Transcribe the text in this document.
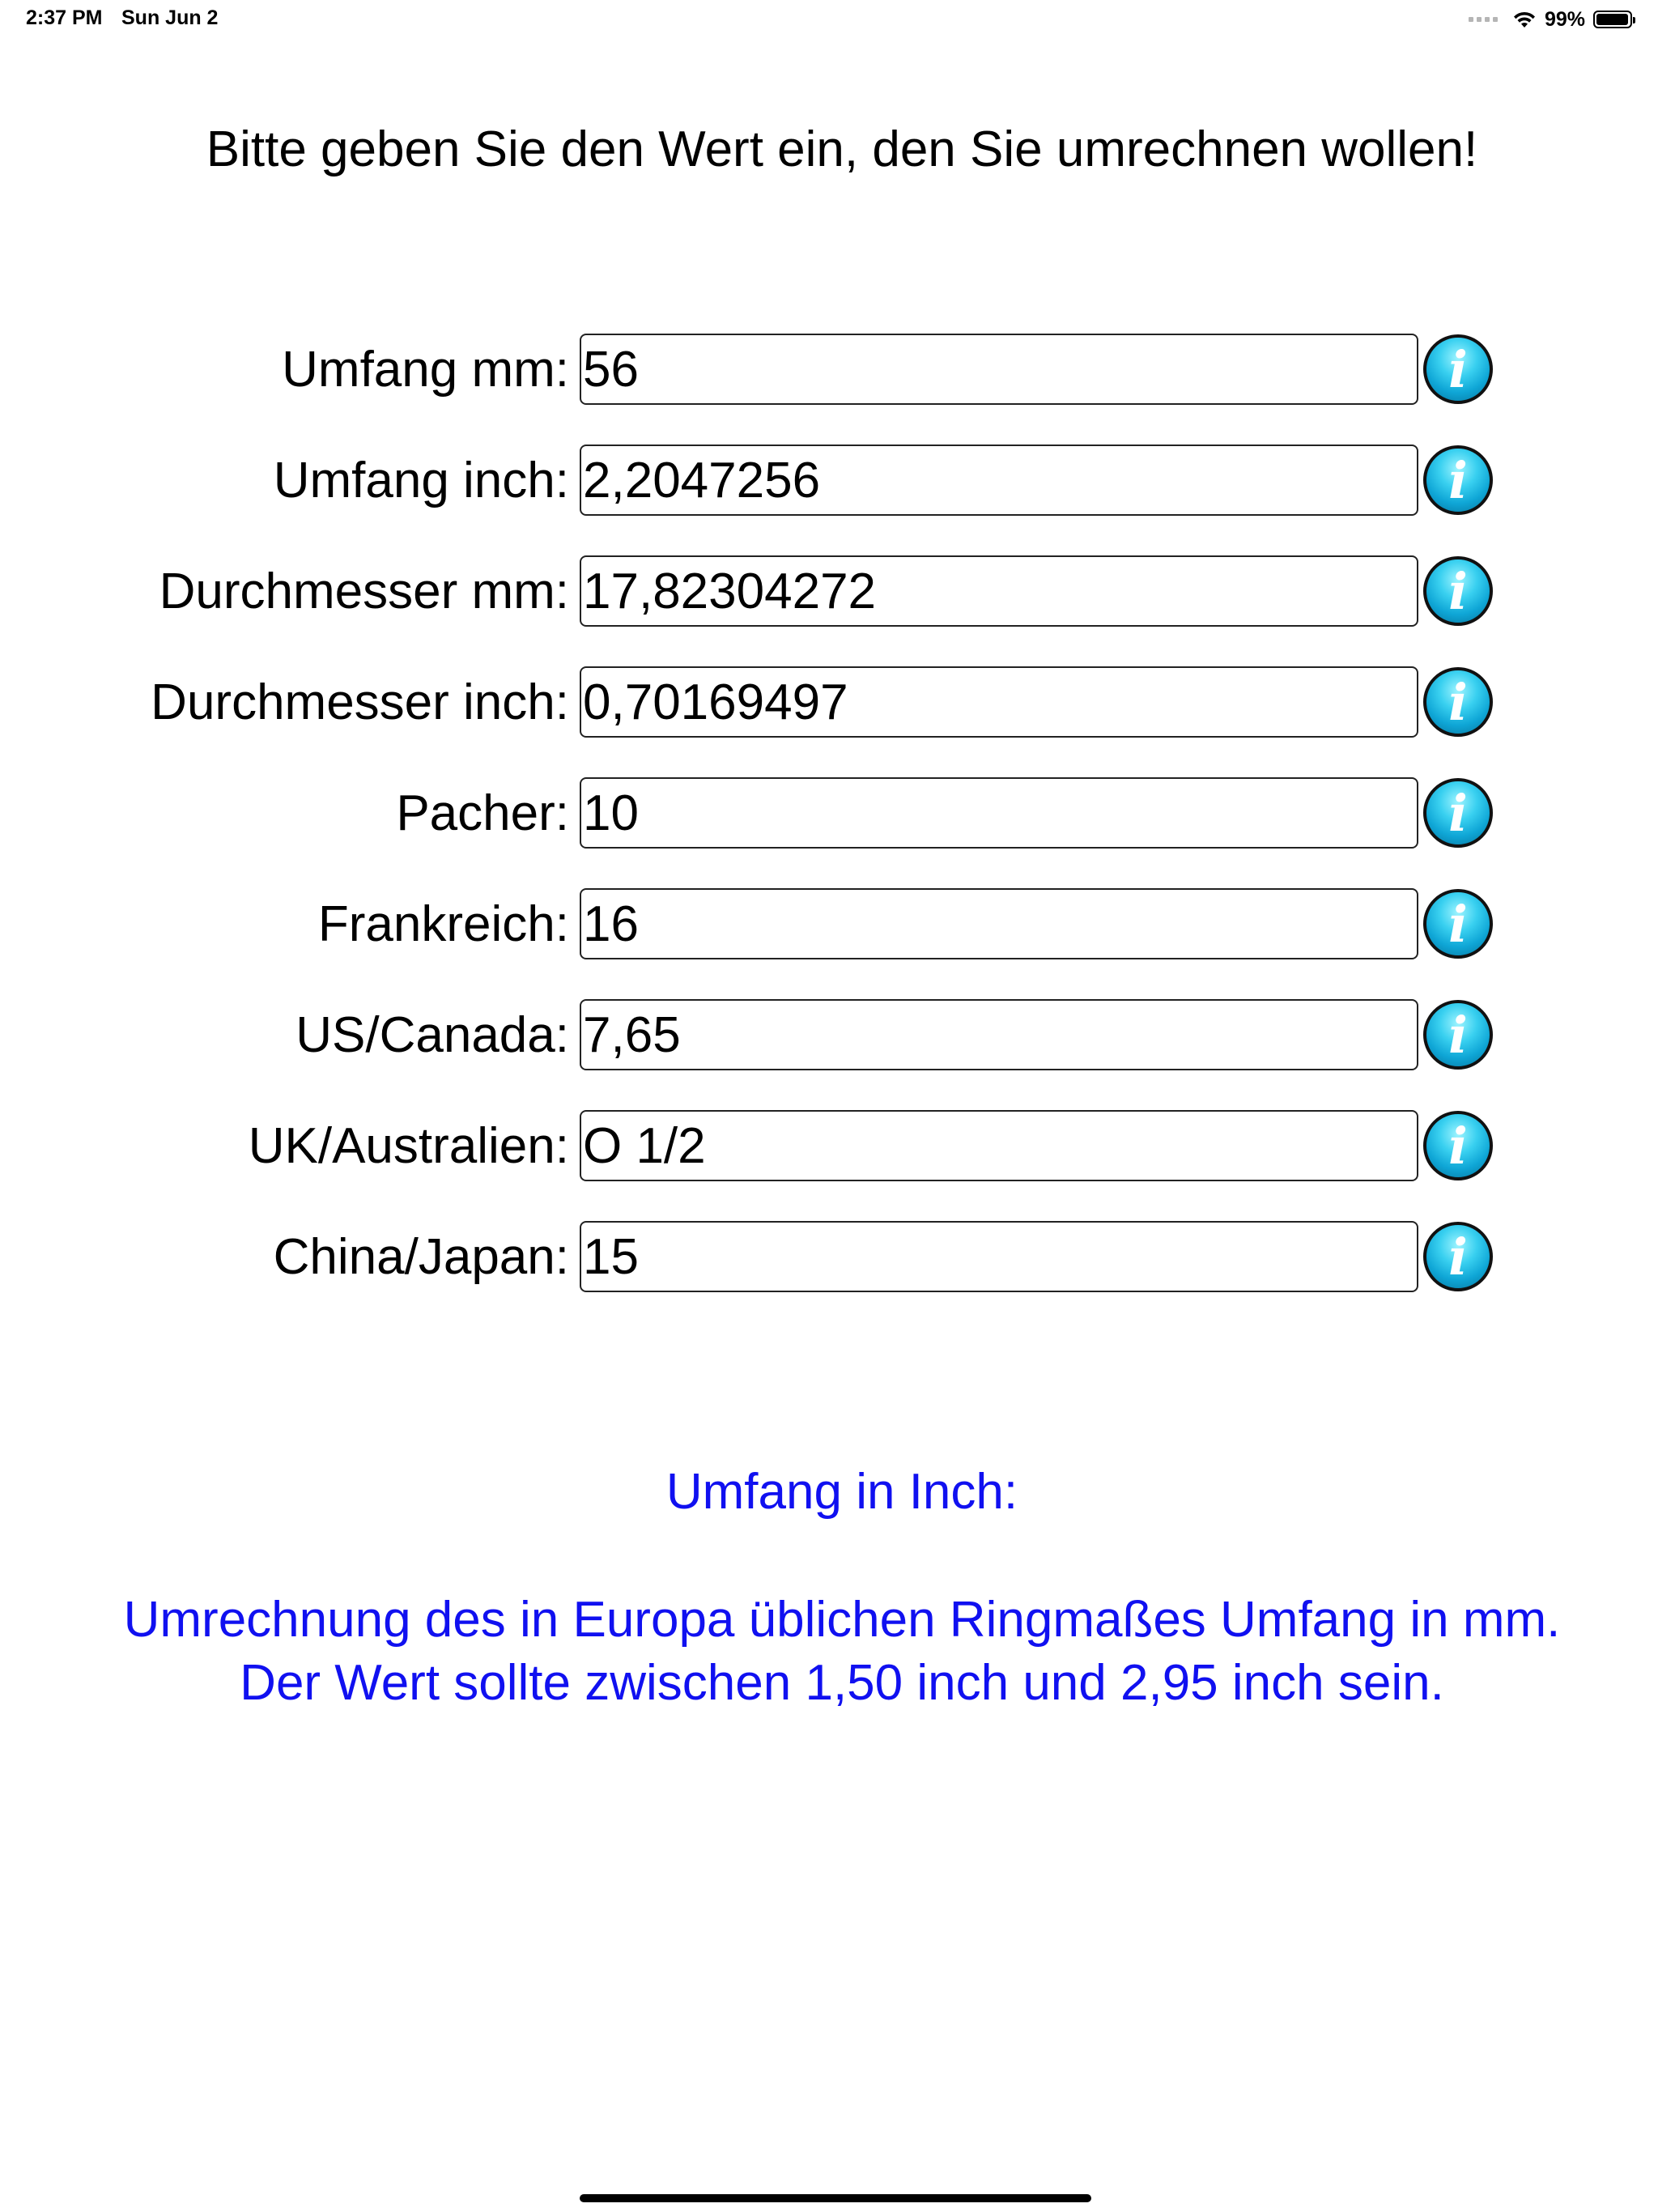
2:37 PM Sun Jun 2	99%
Bitte geben Sie den Wert ein, den Sie umrechnen wollen!
Umfang mm:
56	i
Umfang inch:
2,2047256	i
Durchmesser mm:
17,82304272	i
Durchmesser inch:
0,70169497	i
Pacher:
10	i
Frankreich:
16	i
US/Canada:
7,65	i
UK/Australien:
O 1/2	i
China/Japan:
15	i
Umfang in Inch:
Umrechnung des in Europa üblichen Ringmaßes Umfang in mm.
Der Wert sollte zwischen 1,50 inch und 2,95 inch sein.
